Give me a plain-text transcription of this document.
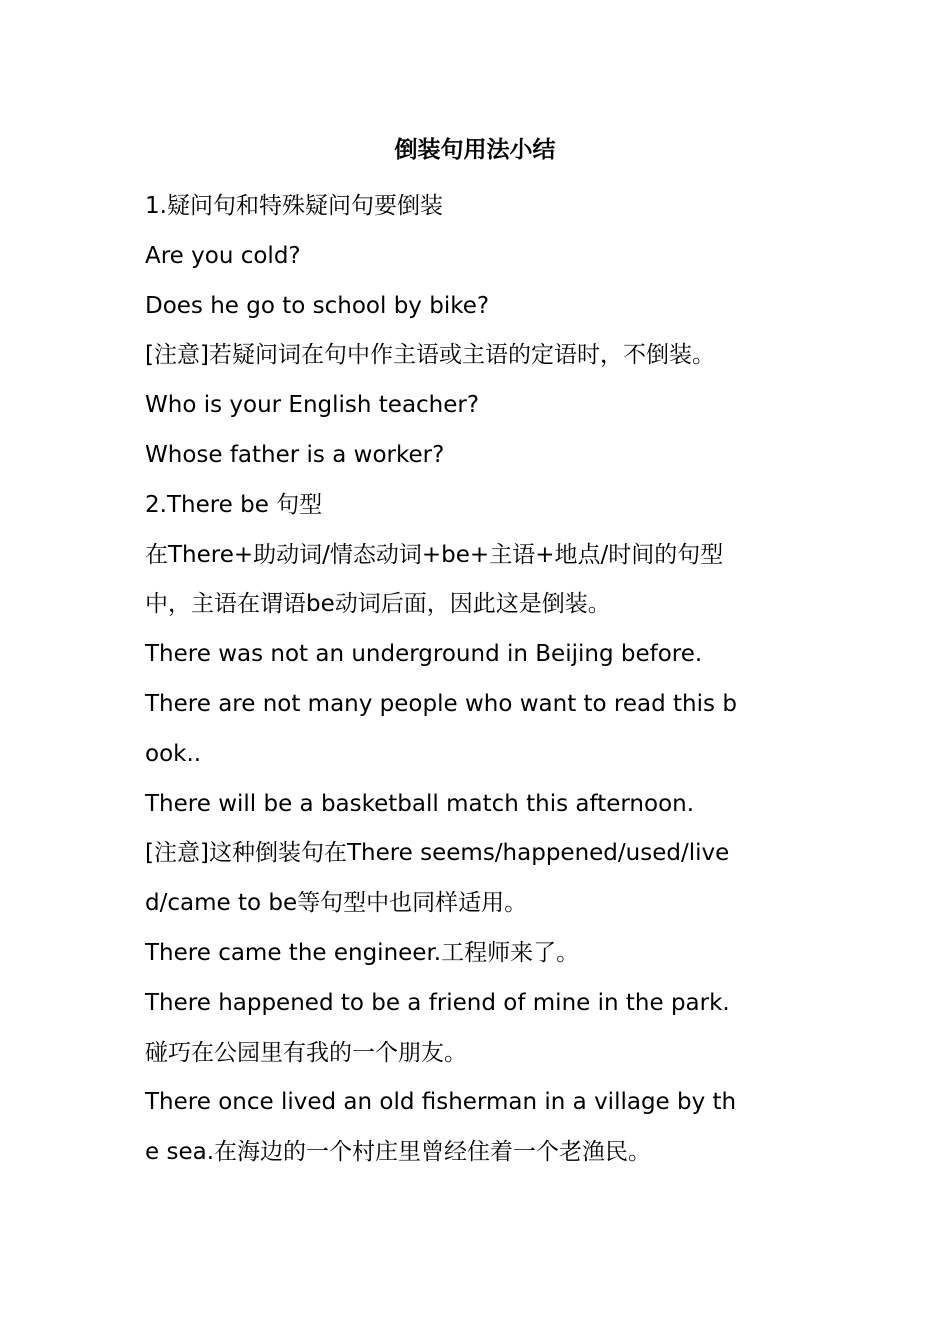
倒装句用法小结
1.疑问句和特殊疑问句要倒装
Are you cold?
Does he go to school by bike?
[注意]若疑问词在句中作主语或主语的定语时，不倒装。
Who is your English teacher?
Whose father is a worker?
2.There be 句型
在There+助动词/情态动词+be+主语+地点/时间的句型
中，主语在谓语be动词后面，因此这是倒装。
There was not an underground in Beijing before.
There are not many people who want to read this b
ook..
There will be a basketball match this afternoon.
[注意]这种倒装句在There seems/happened/used/live
d/came to be等句型中也同样适用。
There came the engineer.工程师来了。
There happened to be a friend of mine in the park.
碰巧在公园里有我的一个朋友。
There once lived an old fisherman in a village by th
e sea.在海边的一个村庄里曾经住着一个老渔民。
